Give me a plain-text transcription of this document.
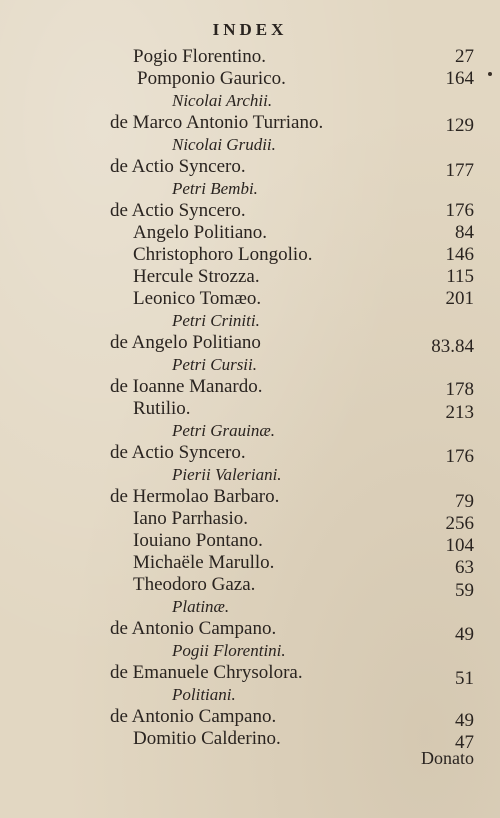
INDEX
Pogio Florentino.	27
Pomponio Gaurico.	164
Nicolai Archii.
de Marco Antonio Turriano.	129
Nicolai Grudii.
de Actio Syncero.	177
Petri Bembi.
de Actio Syncero.	176
Angelo Politiano.	84
Christophoro Longolio.	146
Hercule Strozza.	115
Leonico Tomæo.	201
Petri Criniti.
de Angelo Politiano	83.84
Petri Cursii.
de Ioanne Manardo.	178
Rutilio.	213
Petri Grauinæ.
de Actio Syncero.	176
Pierii Valeriani.
de Hermolao Barbaro.	79
Iano Parrhasio.	256
Iouiano Pontano.	104
Michaële Marullo.	63
Theodoro Gaza.	59
Platinæ.
de Antonio Campano.	49
Pogii Florentini.
de Emanuele Chrysolora.	51
Politiani.
de Antonio Campano.	49
Domitio Calderino.	47
Donato
